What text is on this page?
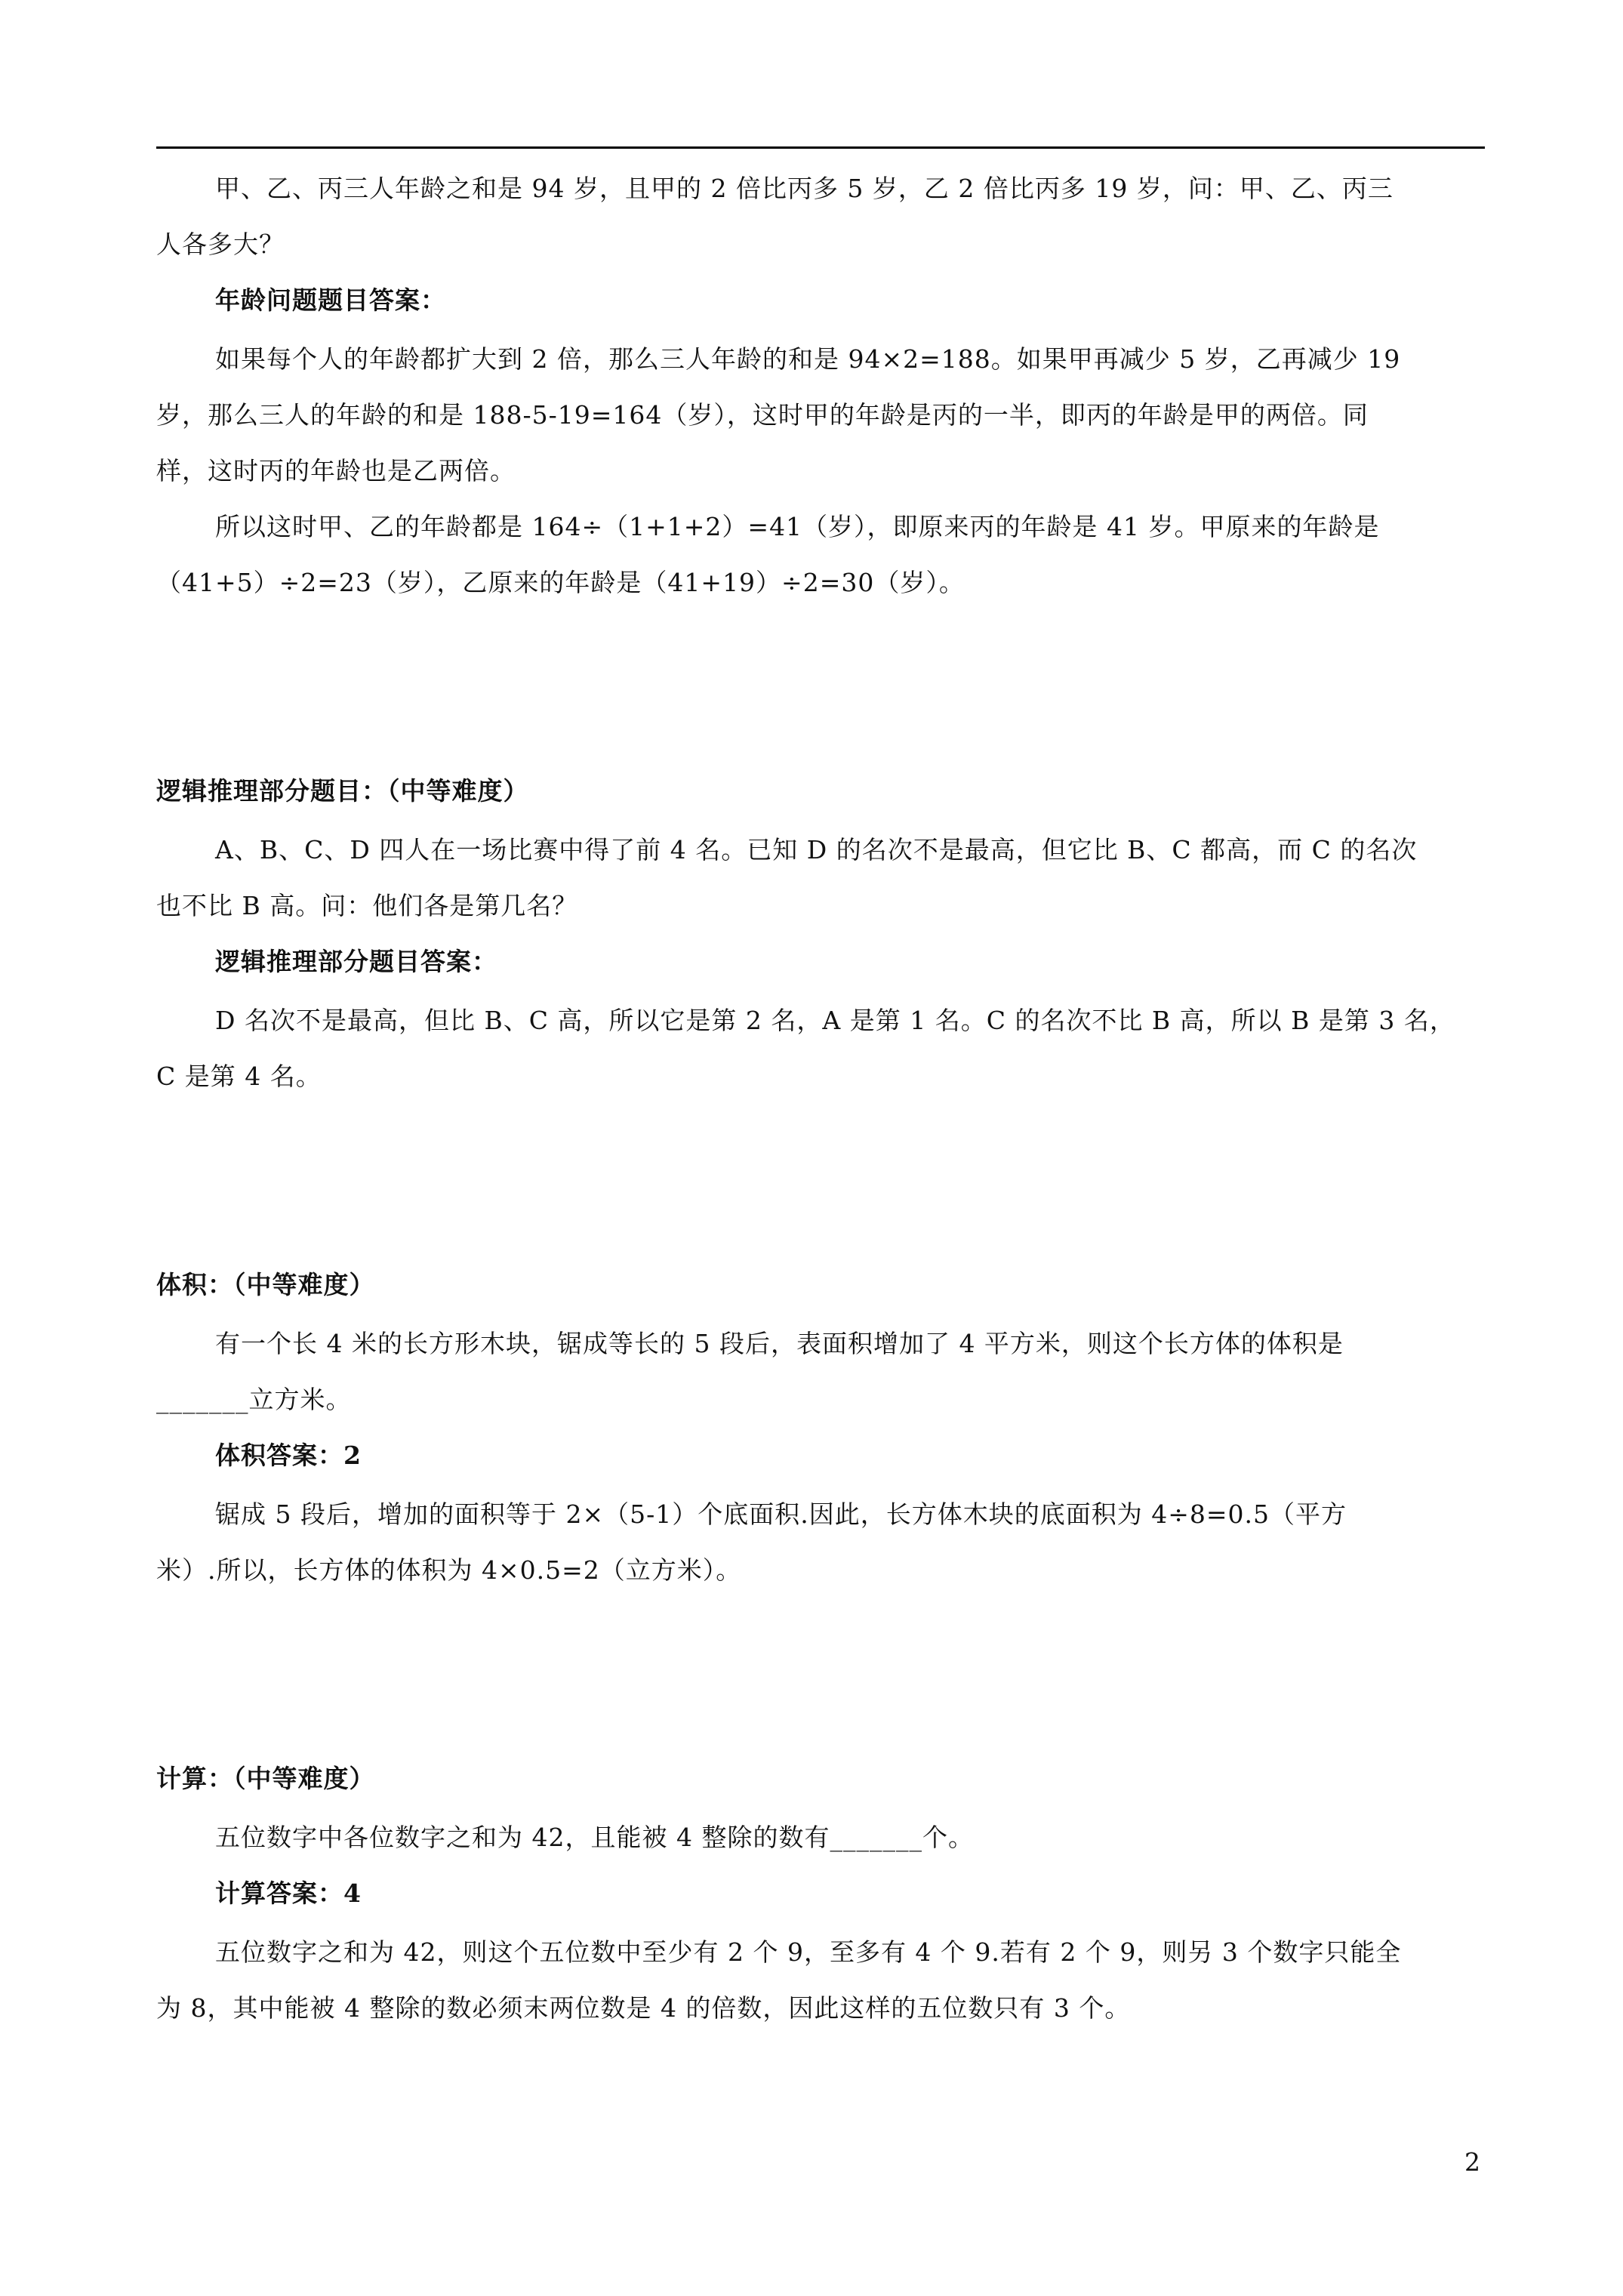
甲、乙、丙三人年龄之和是 94 岁，且甲的 2 倍比丙多 5 岁，乙 2 倍比丙多 19 岁，问：甲、乙、丙三
人各多大？
年龄问题题目答案：
如果每个人的年龄都扩大到 2 倍，那么三人年龄的和是 94×2=188。如果甲再减少 5 岁，乙再减少 19
岁，那么三人的年龄的和是 188-5-19=164（岁），这时甲的年龄是丙的一半，即丙的年龄是甲的两倍。同
样，这时丙的年龄也是乙两倍。
所以这时甲、乙的年龄都是 164÷（1+1+2）=41（岁），即原来丙的年龄是 41 岁。甲原来的年龄是
（41+5）÷2=23（岁），乙原来的年龄是（41+19）÷2=30（岁）。
逻辑推理部分题目：（中等难度）
A、B、C、D 四人在一场比赛中得了前 4 名。已知 D 的名次不是最高，但它比 B、C 都高，而 C 的名次
也不比 B 高。问：他们各是第几名？
逻辑推理部分题目答案：
D 名次不是最高，但比 B、C 高，所以它是第 2 名，A 是第 1 名。C 的名次不比 B 高，所以 B 是第 3 名，
C 是第 4 名。
体积：（中等难度）
有一个长 4 米的长方形木块，锯成等长的 5 段后，表面积增加了 4 平方米，则这个长方体的体积是
_______立方米。
体积答案：2
锯成 5 段后，增加的面积等于 2×（5-1）个底面积.因此，长方体木块的底面积为 4÷8=0.5（平方
米）.所以，长方体的体积为 4×0.5=2（立方米）。
计算：（中等难度）
五位数字中各位数字之和为 42，且能被 4 整除的数有_______个。
计算答案：4
五位数字之和为 42，则这个五位数中至少有 2 个 9，至多有 4 个 9.若有 2 个 9，则另 3 个数字只能全
为 8，其中能被 4 整除的数必须末两位数是 4 的倍数，因此这样的五位数只有 3 个。
2
